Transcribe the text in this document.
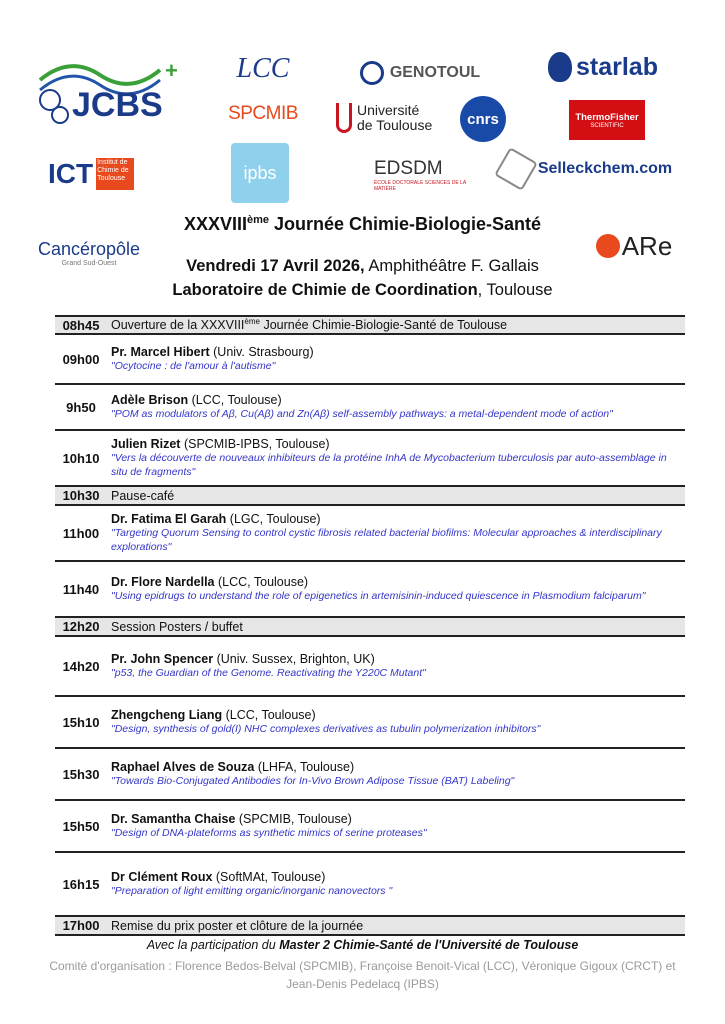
JCBS
+ LCC
SPCMIB
GENOTOUL	starlab
Université
de Toulouse cnrs	ThermoFisher
SCIENTIFIC
ICT Institut de Chimie de Toulouse	ipbs	EDSDM
ÉCOLE DOCTORALE SCIENCES DE LA MATIÈRE
Selleckchem.com
Cancéropôle
Grand Sud-Ouest
ARe
XXXVIIIème Journée Chimie-Biologie-Santé
Vendredi 17 Avril 2026, Amphithéâtre F. Gallais
Laboratoire de Chimie de Coordination, Toulouse
08h45	Ouverture de la XXXVIIIème Journée Chimie-Biologie-Santé de Toulouse
09h00	Pr. Marcel Hibert (Univ. Strasbourg)
"Ocytocine : de l'amour à l'autisme"

9h50	Adèle Brison (LCC, Toulouse)
"POM as modulators of Aβ, Cu(Aβ) and Zn(Aβ) self-assembly pathways: a metal-dependent mode of action"

10h10	Julien Rizet (SPCMIB-IPBS, Toulouse)
"Vers la découverte de nouveaux inhibiteurs de la protéine InhA de Mycobacterium tuberculosis par auto-assemblage in situ de fragments"

10h30	Pause-café
11h00	Dr. Fatima El Garah (LGC, Toulouse)
"Targeting Quorum Sensing to control cystic fibrosis related bacterial biofilms: Molecular approaches & interdisciplinary explorations"

11h40	Dr. Flore Nardella (LCC, Toulouse)
"Using epidrugs to understand the role of epigenetics in artemisinin-induced quiescence in Plasmodium falciparum"

12h20	Session Posters / buffet
14h20	Pr. John Spencer (Univ. Sussex, Brighton, UK)
"p53, the Guardian of the Genome. Reactivating the Y220C Mutant"

15h10	Zhengcheng Liang (LCC, Toulouse)
"Design, synthesis of gold(I) NHC complexes derivatives as tubulin polymerization inhibitors"

15h30	Raphael Alves de Souza (LHFA, Toulouse)
"Towards Bio-Conjugated Antibodies for In-Vivo Brown Adipose Tissue (BAT) Labeling"

15h50	Dr. Samantha Chaise (SPCMIB, Toulouse)
"Design of DNA-plateforms as synthetic mimics of serine proteases"

16h15	Dr Clément Roux (SoftMAt, Toulouse)
"Preparation of light emitting organic/inorganic nanovectors "

17h00	Remise du prix poster et clôture de la journée
Avec la participation du Master 2 Chimie-Santé de l'Université de Toulouse
Comité d'organisation : Florence Bedos-Belval (SPCMIB), Françoise Benoit-Vical (LCC), Véronique Gigoux (CRCT) et Jean-Denis Pedelacq (IPBS)
